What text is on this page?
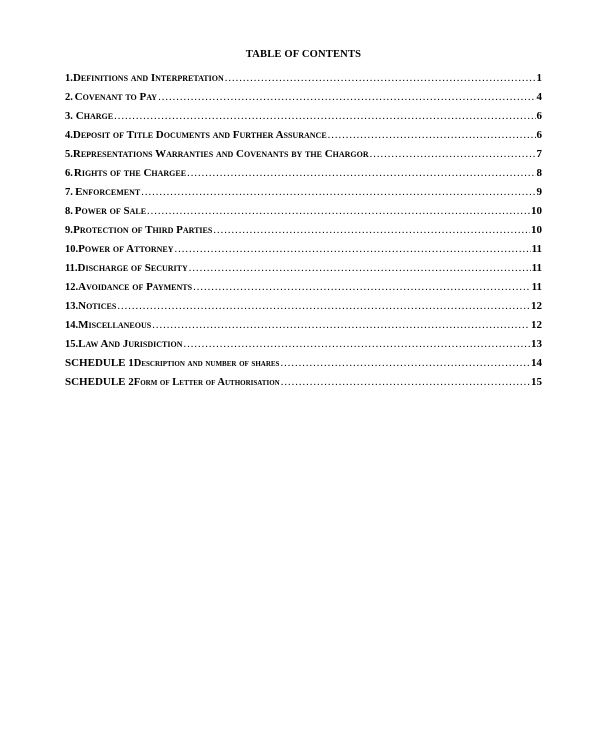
TABLE OF CONTENTS
1. Definitions and Interpretation .....	1
2. Covenant to Pay .....	4
3. Charge .....	6
4. Deposit of Title Documents and Further Assurance .....	6
5. Representations Warranties and Covenants by the Chargor .....	7
6. Rights of the Chargee .....	8
7. Enforcement .....	9
8. Power of Sale .....	10
9. Protection of Third Parties .....	10
10. Power of Attorney .....	11
11. Discharge of Security .....	11
12. Avoidance of Payments .....	11
13. Notices .....	12
14. Miscellaneous .....	12
15. Law And Jurisdiction .....	13
SCHEDULE 1 Description and number of shares .....	14
SCHEDULE 2 Form of Letter of Authorisation .....	15
